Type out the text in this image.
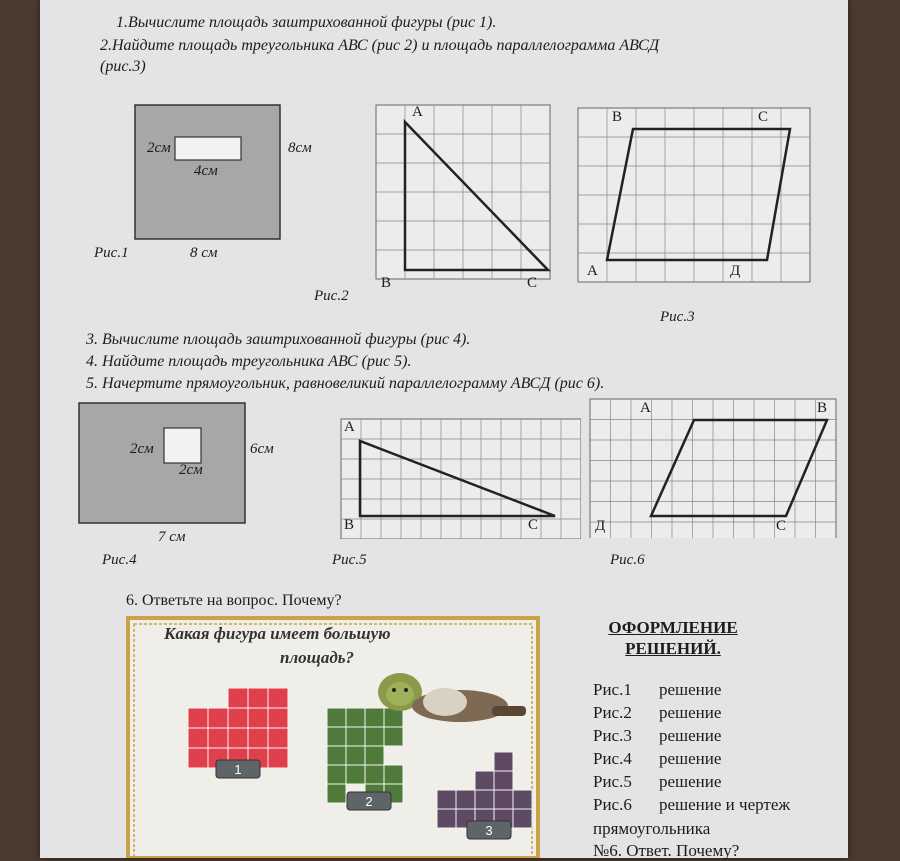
1.Вычислите площадь заштрихованной фигуры (рис 1).
2.Найдите площадь треугольника АВС (рис 2) и площадь параллелограмма АВСД
(рис.3)
2см
4см
8см
8 см
Рис.1
А
В	С
Рис.2
В	С
А	Д
Рис.3
3. Вычислите площадь заштрихованной фигуры (рис 4).
4. Найдите площадь треугольника АВС (рис 5).
5. Начертите прямоугольник, равновеликий параллелограмму АВСД (рис 6).
2см
2см
6см
7 см
Рис.4
А
В	С
Рис.5
А	В
Д	С
Рис.6
6. Ответьте на вопрос. Почему?
Какая фигура имеет большую
площадь?
1
2
3
ОФОРМЛЕНИЕ
РЕШЕНИЙ.
Рис.1 решение
Рис.2 решение
Рис.3 решение
Рис.4 решение
Рис.5 решение
Рис.6 решение и чертеж
прямоугольника
№6. Ответ. Почему?
